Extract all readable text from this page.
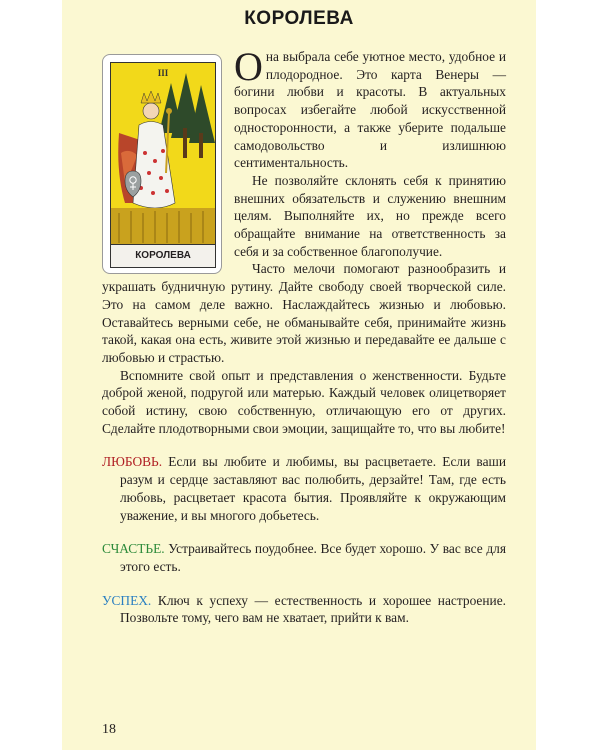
КОРОЛЕВА
III
КОРОЛЕВА

Она выбрала себе уютное место, удобное и плодородное. Это карта Венеры — богини любви и красоты. В актуальных вопросах избегайте любой искусственной односторонности, а также уберите подальше самодовольство и излишнюю сентиментальность.

Не позволяйте склонять себя к принятию внешних обязательств и служению внешним целям. Выполняйте их, но прежде всего обращайте внимание на ответственность за себя и за собственное благополучие.

Часто мелочи помогают разнообразить и украшать будничную рутину. Дайте свободу своей творческой силе. Это на самом деле важно. Наслаждайтесь жизнью и любовью. Оставайтесь верными себе, не обманывайте себя, принимайте жизнь такой, какая она есть, живите этой жизнью и передавайте ее дальше с любовью и страстью.

Вспомните свой опыт и представления о женственности. Будьте доброй женой, подругой или матерью. Каждый человек олицетворяет собой истину, свою собственную, отличающую его от других. Сделайте плодотворными свои эмоции, защищайте то, что вы любите!

ЛЮБОВЬ. Если вы любите и любимы, вы расцветаете. Если ваши разум и сердце заставляют вас полюбить, дерзайте! Там, где есть любовь, расцветает красота бытия. Проявляйте к окружающим уважение, и вы многого добьетесь.

СЧАСТЬЕ. Устраивайтесь поудобнее. Все будет хорошо. У вас все для этого есть.

УСПЕХ. Ключ к успеху — естественность и хорошее настроение. Позвольте тому, чего вам не хватает, прийти к вам.

18
